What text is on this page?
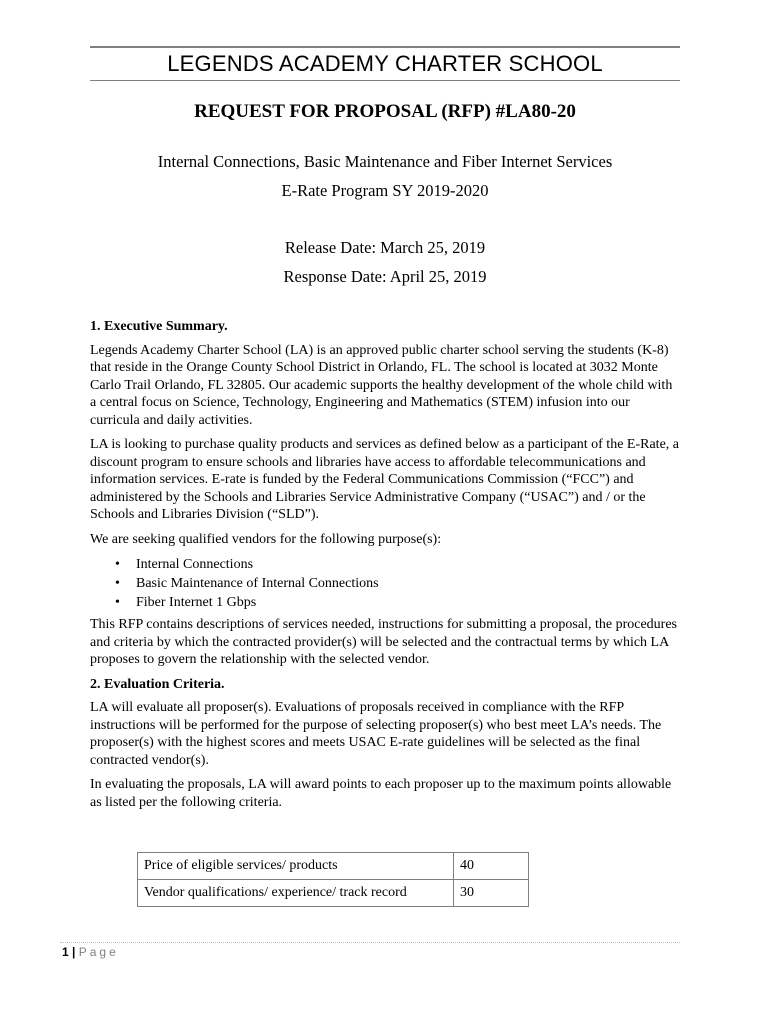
LEGENDS ACADEMY CHARTER SCHOOL
REQUEST FOR PROPOSAL (RFP) #LA80-20
Internal Connections, Basic Maintenance and Fiber Internet Services
E-Rate Program SY 2019-2020
Release Date: March 25, 2019
Response Date: April 25, 2019
1. Executive Summary.

Legends Academy Charter School (LA) is an approved public charter school serving the students (K-8) that reside in the Orange County School District in Orlando, FL. The school is located at 3032 Monte Carlo Trail Orlando, FL 32805. Our academic supports the healthy development of the whole child with a central focus on Science, Technology, Engineering and Mathematics (STEM) infusion into our curricula and daily activities.

LA is looking to purchase quality products and services as defined below as a participant of the E-Rate, a discount program to ensure schools and libraries have access to affordable telecommunications and information services. E-rate is funded by the Federal Communications Commission (“FCC”) and administered by the Schools and Libraries Service Administrative Company (“USAC”) and / or the Schools and Libraries Division (“SLD”).

We are seeking qualified vendors for the following purpose(s):

• Internal Connections
• Basic Maintenance of Internal Connections
• Fiber Internet 1 Gbps

This RFP contains descriptions of services needed, instructions for submitting a proposal, the procedures and criteria by which the contracted provider(s) will be selected and the contractual terms by which LA proposes to govern the relationship with the selected vendor.

2. Evaluation Criteria.

LA will evaluate all proposer(s). Evaluations of proposals received in compliance with the RFP instructions will be performed for the purpose of selecting proposer(s) who best meet LA’s needs. The proposer(s) with the highest scores and meets USAC E-rate guidelines will be selected as the final contracted vendor(s).

In evaluating the proposals, LA will award points to each proposer up to the maximum points allowable as listed per the following criteria.

Price of eligible services/ products	40
Vendor qualifications/ experience/ track record	30
1 | Page
